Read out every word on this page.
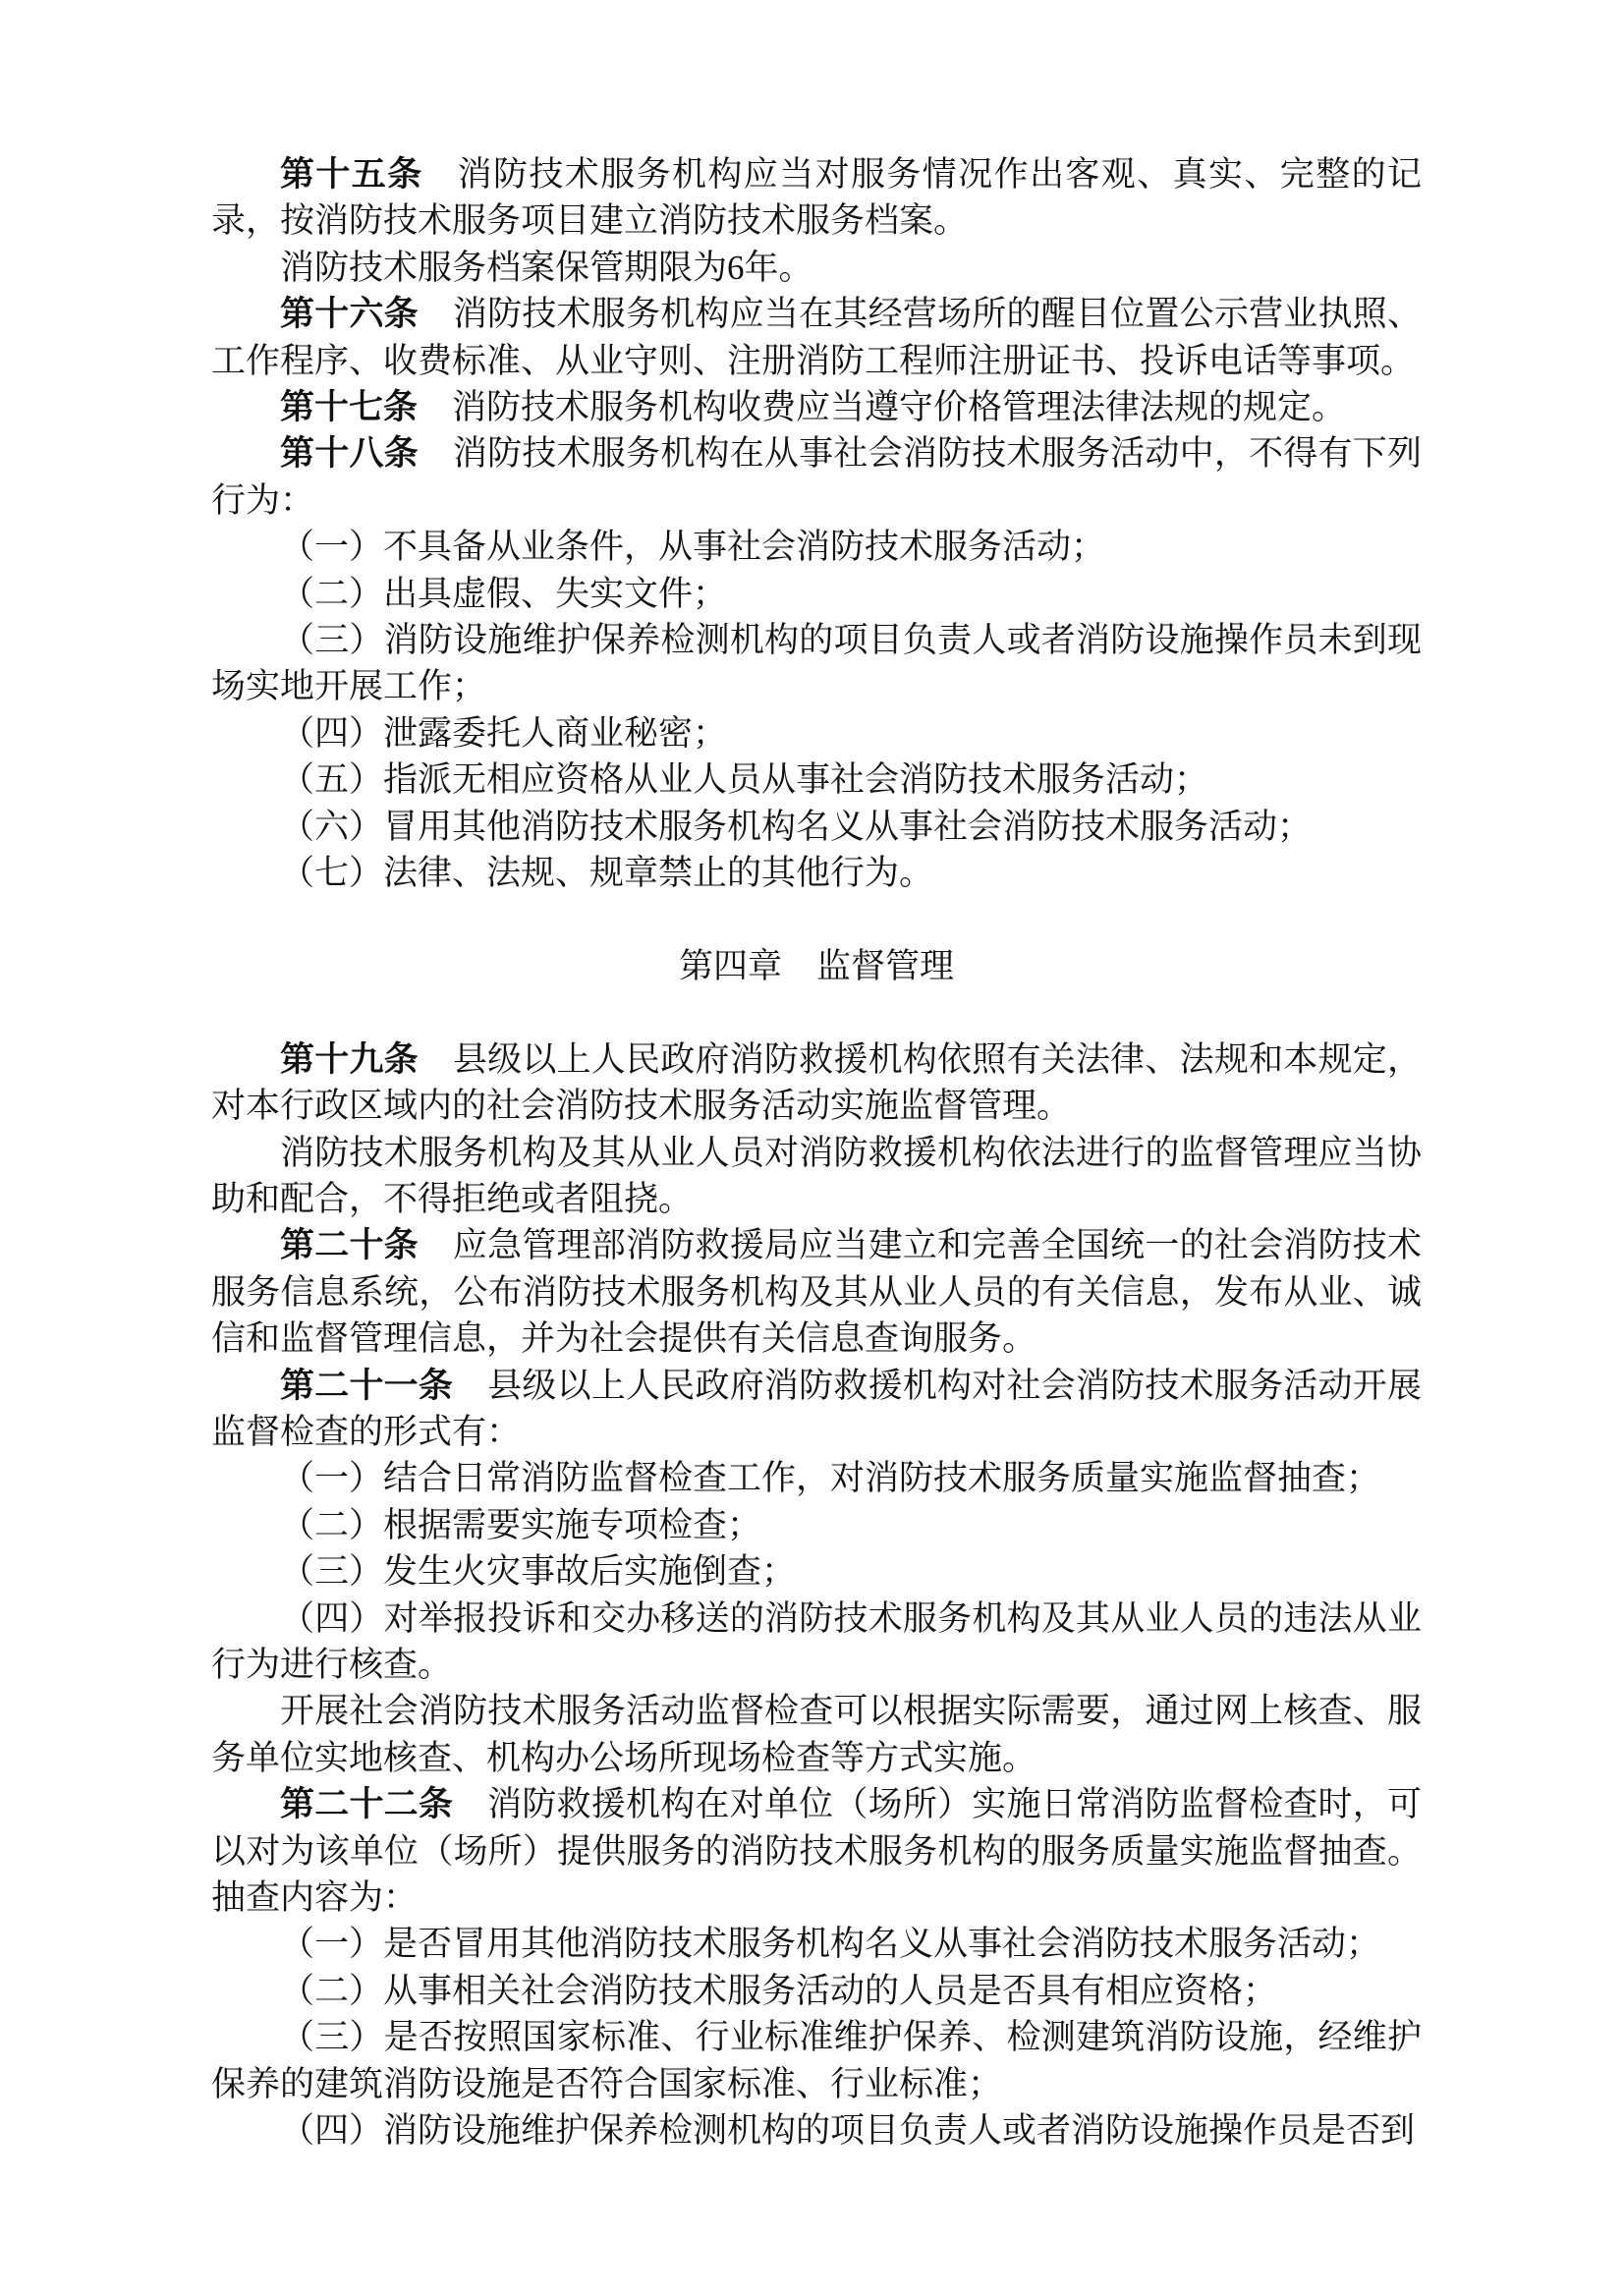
第十五条 消防技术服务机构应当对服务情况作出客观、真实、完整的记录，按消防技术服务项目建立消防技术服务档案。

消防技术服务档案保管期限为6年。

第十六条 消防技术服务机构应当在其经营场所的醒目位置公示营业执照、工作程序、收费标准、从业守则、注册消防工程师注册证书、投诉电话等事项。

第十七条 消防技术服务机构收费应当遵守价格管理法律法规的规定。

第十八条 消防技术服务机构在从事社会消防技术服务活动中，不得有下列行为：

（一）不具备从业条件，从事社会消防技术服务活动；

（二）出具虚假、失实文件；

（三）消防设施维护保养检测机构的项目负责人或者消防设施操作员未到现场实地开展工作；

（四）泄露委托人商业秘密；

（五）指派无相应资格从业人员从事社会消防技术服务活动；

（六）冒用其他消防技术服务机构名义从事社会消防技术服务活动；

（七）法律、法规、规章禁止的其他行为。

第四章　监督管理

第十九条 县级以上人民政府消防救援机构依照有关法律、法规和本规定，对本行政区域内的社会消防技术服务活动实施监督管理。

消防技术服务机构及其从业人员对消防救援机构依法进行的监督管理应当协助和配合，不得拒绝或者阻挠。

第二十条 应急管理部消防救援局应当建立和完善全国统一的社会消防技术服务信息系统，公布消防技术服务机构及其从业人员的有关信息，发布从业、诚信和监督管理信息，并为社会提供有关信息查询服务。

第二十一条 县级以上人民政府消防救援机构对社会消防技术服务活动开展监督检查的形式有：

（一）结合日常消防监督检查工作，对消防技术服务质量实施监督抽查；

（二）根据需要实施专项检查；

（三）发生火灾事故后实施倒查；

（四）对举报投诉和交办移送的消防技术服务机构及其从业人员的违法从业行为进行核查。

开展社会消防技术服务活动监督检查可以根据实际需要，通过网上核查、服务单位实地核查、机构办公场所现场检查等方式实施。

第二十二条 消防救援机构在对单位（场所）实施日常消防监督检查时，可以对为该单位（场所）提供服务的消防技术服务机构的服务质量实施监督抽查。抽查内容为：

（一）是否冒用其他消防技术服务机构名义从事社会消防技术服务活动；

（二）从事相关社会消防技术服务活动的人员是否具有相应资格；

（三）是否按照国家标准、行业标准维护保养、检测建筑消防设施，经维护保养的建筑消防设施是否符合国家标准、行业标准；

（四）消防设施维护保养检测机构的项目负责人或者消防设施操作员是否到
